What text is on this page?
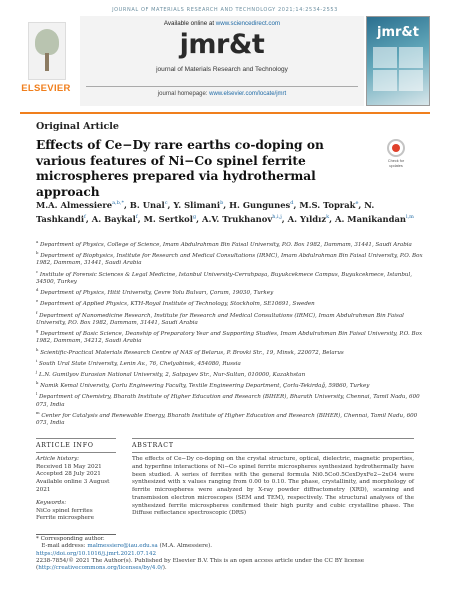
JOURNAL OF MATERIALS RESEARCH AND TECHNOLOGY 2021;14:2534-2553
ELSEVIER
Available online at www.sciencedirect.com
jmr&t
journal of Materials Research and Technology
journal homepage: www.elsevier.com/locate/jmrt
jmr&t
Original Article
Effects of Ce−Dy rare earths co-doping on various features of Ni−Co spinel ferrite microspheres prepared via hydrothermal approach
Check for updates
M.A. Almessiere$^{a,b,*}$, B. Unal$^c$, Y. Slimani$^b$, H. Gungunes$^d$, M.S. Toprak$^e$, N. Tashkandi$^f$, A. Baykal$^f$, M. Sertkol$^g$, A.V. Trukhanov$^{h,i,j}$, A. Yıldız$^k$, A. Manikandan$^{l,m}$
$^a$ Department of Physics, College of Science, Imam Abdulrahman Bin Faisal University, P.O. Box 1982, Dammam, 31441, Saudi Arabia
$^b$ Department of Biophysics, Institute for Research and Medical Consultations (IRMC), Imam Abdulrahman Bin Faisal University, P.O. Box 1982, Dammam, 31441, Saudi Arabia
$^c$ Institute of Forensic Sciences & Legal Medicine, Istanbul University-Cerrahpaşa, Buyukcekmece Campus, Buyukcekmece, Istanbul, 34500, Turkey
$^d$ Department of Physics, Hitit University, Çevre Yolu Bulvarı, Çorum, 19030, Turkey
$^e$ Department of Applied Physics, KTH-Royal Institute of Technology, Stockholm, SE10691, Sweden
$^f$ Department of Nanomedicine Research, Institute for Research and Medical Consultations (IRMC), Imam Abdulrahman Bin Faisal University, P.O. Box 1982, Dammam, 31441, Saudi Arabia
$^g$ Department of Basic Science, Deanship of Preparatory Year and Supporting Studies, Imam Abdulrahman Bin Faisal University, P.O. Box 1982, Dammam, 34212, Saudi Arabia
$^h$ Scientific-Practical Materials Research Centre of NAS of Belarus, P. Brovki Str., 19, Minsk, 220072, Belarus
$^i$ South Ural State University, Lenin Av., 76, Chelyabinsk, 454080, Russia
$^j$ L.N. Gumilyov Eurasian National University, 2, Satpayev Str., Nur-Sultan, 010000, Kazakhstan
$^k$ Namik Kemal University, Çorlu Engineering Faculty, Textile Engineering Department, Çorlu-Tekirdağ, 59860, Turkey
$^l$ Department of Chemistry, Bharath Institute of Higher Education and Research (BIHER), Bharath University, Chennai, Tamil Nadu, 600 073, India
$^m$ Center for Catalysis and Renewable Energy, Bharath Institute of Higher Education and Research (BIHER), Chennai, Tamil Nadu, 600 073, India
ARTICLE INFO
Article history:
Received 18 May 2021
Accepted 28 July 2021
Available online 3 August 2021
Keywords:
NiCo spinel ferrites
Ferrite microsphere
ABSTRACT
The effects of Ce−Dy co-doping on the crystal structure, optical, dielectric, magnetic properties, and hyperfine interactions of Ni−Co spinel ferrite microspheres synthesized hydrothermally have been studied. A series of ferrites with the general formula Ni0.5Co0.5CexDyxFe2−2xO4 were synthesized with x values ranging from 0.00 to 0.10. The phase, crystallinity, and morphology of ferrite microspheres were analyzed by X-ray powder diffractometry (XRD), scanning and transmission electron microscopes (SEM and TEM), respectively. The structural analyses of the synthesized ferrite microspheres confirmed their high purity and cubic crystalline phase. The Diffuse reflectance spectroscopic (DRS)
* Corresponding author.
E-mail address: malmessiere@iau.edu.sa (M.A. Almessiere).
https://doi.org/10.1016/j.jmrt.2021.07.142
2238-7854/© 2021 The Author(s). Published by Elsevier B.V. This is an open access article under the CC BY license (http://creativecommons.org/licenses/by/4.0/).
